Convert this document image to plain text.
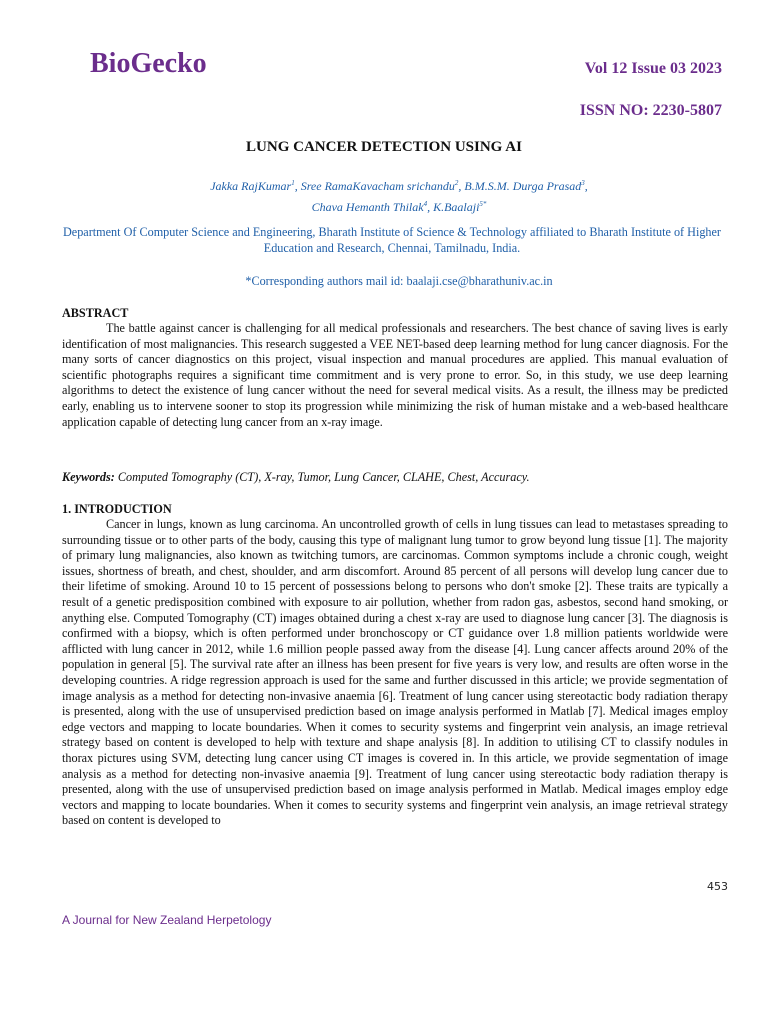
BioGecko	Vol 12 Issue 03 2023
ISSN NO: 2230-5807
LUNG CANCER DETECTION USING AI
Jakka RajKumar$^1$, Sree RamaKavacham srichandu$^2$, B.M.S.M. Durga Prasad$^3$,
Chava Hemanth Thilak$^4$, K.Baalaji$^{5*}$
Department Of Computer Science and Engineering, Bharath Institute of Science & Technology affiliated to Bharath Institute of Higher Education and Research, Chennai, Tamilnadu, India.
*Corresponding authors mail id: baalaji.cse@bharathuniv.ac.in
ABSTRACT

The battle against cancer is challenging for all medical professionals and researchers. The best chance of saving lives is early identification of most malignancies. This research suggested a VEE NET-based deep learning method for lung cancer diagnosis. For the many sorts of cancer diagnostics on this project, visual inspection and manual procedures are applied. This manual evaluation of scientific photographs requires a significant time commitment and is very prone to error. So, in this study, we use deep learning algorithms to detect the existence of lung cancer without the need for several medical visits. As a result, the illness may be predicted early, enabling us to intervene sooner to stop its progression while minimizing the risk of human mistake and a web-based healthcare application capable of detecting lung cancer from an x-ray image.

Keywords: Computed Tomography (CT), X-ray, Tumor, Lung Cancer, CLAHE, Chest, Accuracy.
1. INTRODUCTION

Cancer in lungs, known as lung carcinoma. An uncontrolled growth of cells in lung tissues can lead to metastases spreading to surrounding tissue or to other parts of the body, causing this type of malignant lung tumor to grow beyond lung tissue [1]. The majority of primary lung malignancies, also known as twitching tumors, are carcinomas. Common symptoms include a chronic cough, weight issues, shortness of breath, and chest, shoulder, and arm discomfort. Around 85 percent of all persons will develop lung cancer due to their lifetime of smoking. Around 10 to 15 percent of possessions belong to persons who don't smoke [2]. These traits are typically a result of a genetic predisposition combined with exposure to air pollution, whether from radon gas, asbestos, second hand smoking, or anything else. Computed Tomography (CT) images obtained during a chest x-ray are used to diagnose lung cancer [3]. The diagnosis is confirmed with a biopsy, which is often performed under bronchoscopy or CT guidance over 1.8 million patients worldwide were afflicted with lung cancer in 2012, while 1.6 million people passed away from the disease [4]. Lung cancer affects around 20% of the population in general [5]. The survival rate after an illness has been present for five years is very low, and results are often worse in the developing countries. A ridge regression approach is used for the same and further discussed in this article; we provide segmentation of image analysis as a method for detecting non-invasive anaemia [6]. Treatment of lung cancer using stereotactic body radiation therapy is presented, along with the use of unsupervised prediction based on image analysis performed in Matlab [7]. Medical images employ edge vectors and mapping to locate boundaries. When it comes to security systems and fingerprint vein analysis, an image retrieval strategy based on content is developed to help with texture and shape analysis [8]. In addition to utilising CT to classify nodules in thorax pictures using SVM, detecting lung cancer using CT images is covered in. In this article, we provide segmentation of image analysis as a method for detecting non-invasive anaemia [9]. Treatment of lung cancer using stereotactic body radiation therapy is presented, along with the use of unsupervised prediction based on image analysis performed in Matlab. Medical images employ edge vectors and mapping to locate boundaries. When it comes to security systems and fingerprint vein analysis, an image retrieval strategy based on content is developed to

453
A Journal for New Zealand Herpetology
